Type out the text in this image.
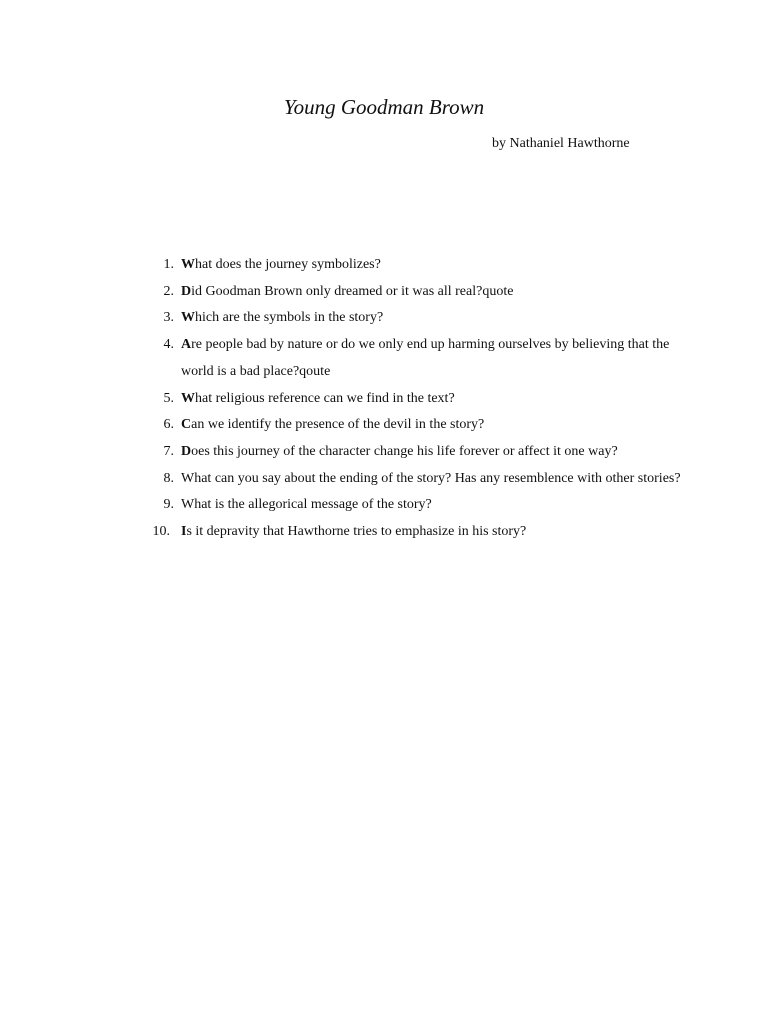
Young Goodman Brown
by Nathaniel Hawthorne
1. What does the journey symbolizes?
2. Did Goodman Brown only dreamed or it was all real?quote
3. Which are the symbols in the story?
4. Are people bad by nature or do we only end up harming ourselves by believing that the world is a bad place?qoute
5. What religious reference can we find in the text?
6. Can we identify the presence of the devil in the story?
7. Does this journey of the character change his life forever or affect it one way?
8. What can you say about the ending of the story? Has any resemblence with other stories?
9. What is the allegorical message of the story?
10. Is it depravity that Hawthorne tries to emphasize in his story?
